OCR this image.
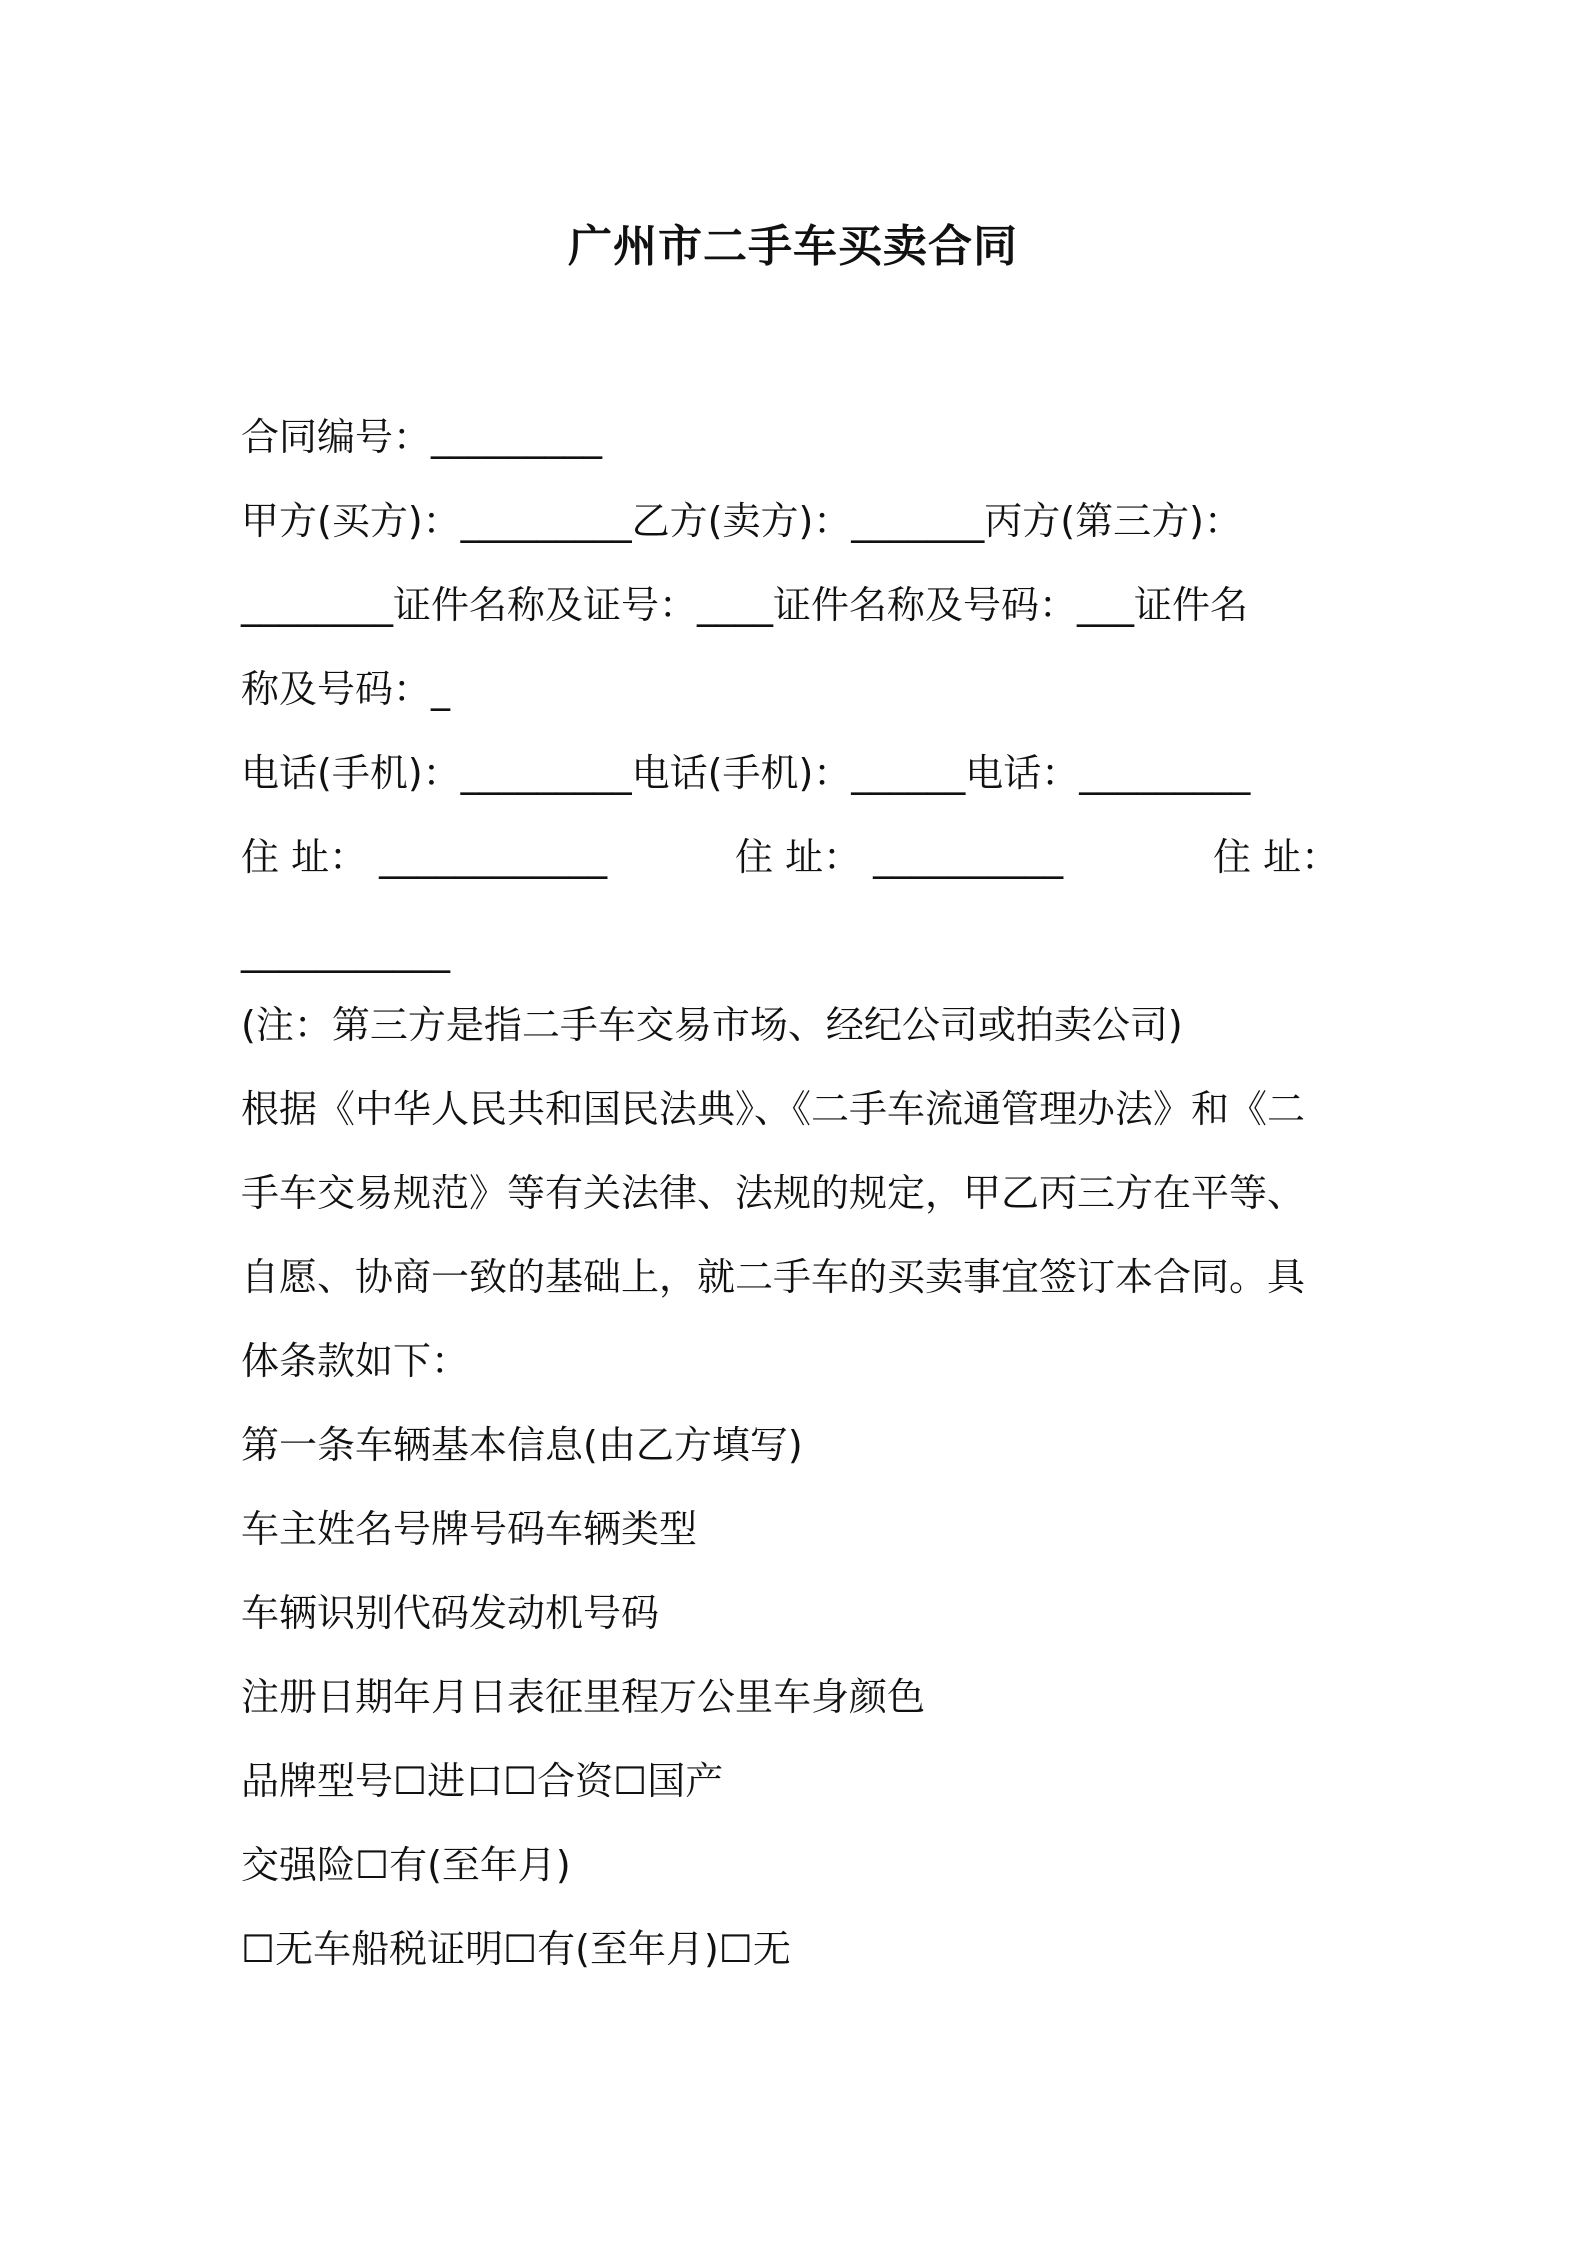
广州市二手车买卖合同
合同编号：_________
甲方(买方)：_________乙方(卖方)：_______丙方(第三方)：
________证件名称及证号：____证件名称及号码：___证件名
称及号码：_
电话(手机)：_________电话(手机)：______电话：_________
住 址： ____________	住 址： __________	住 址：
___________
(注：第三方是指二手车交易市场、经纪公司或拍卖公司)
根据《中华人民共和国民法典》、《二手车流通管理办法》和《二
手车交易规范》等有关法律、法规的规定，甲乙丙三方在平等、
自愿、协商一致的基础上，就二手车的买卖事宜签订本合同。具
体条款如下：
第一条车辆基本信息(由乙方填写)
车主姓名号牌号码车辆类型
车辆识别代码发动机号码
注册日期年月日表征里程万公里车身颜色
品牌型号☐进口☐合资☐国产
交强险☐有(至年月)
☐无车船税证明☐有(至年月)☐无
